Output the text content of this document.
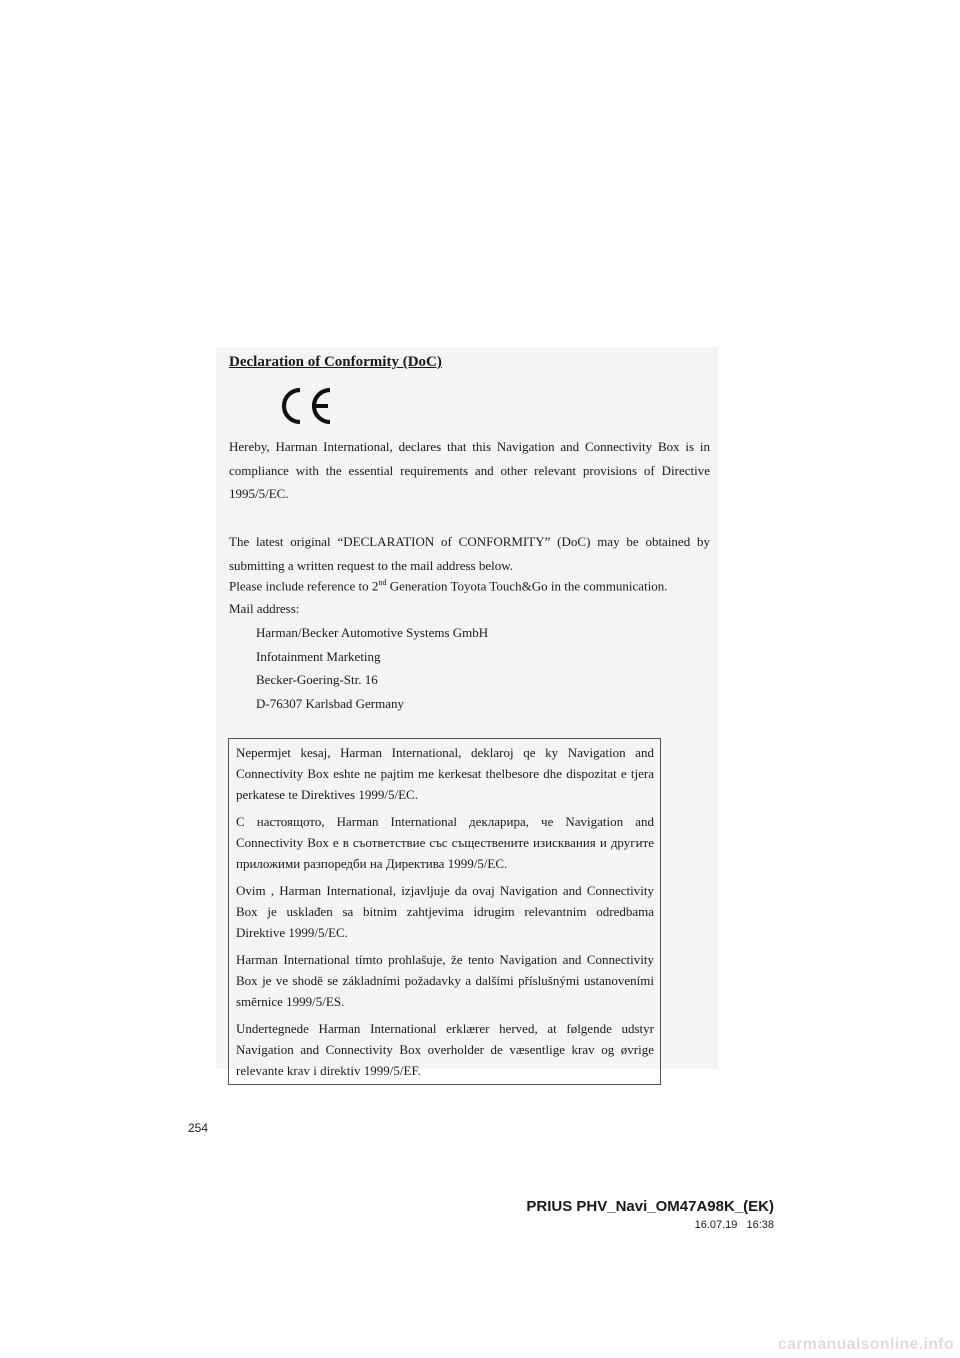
Declaration of Conformity (DoC)

Hereby, Harman International, declares that this Navigation and Connectivity Box is in compliance with the essential requirements and other relevant provisions of Directive 1995/5/EC.

The latest original “DECLARATION of CONFORMITY” (DoC) may be obtained by submitting a written request to the mail address below.

Please include reference to 2nd Generation Toyota Touch&Go in the communication.

Mail address:

Harman/Becker Automotive Systems GmbH

Infotainment Marketing

Becker-Goering-Str. 16

D-76307 Karlsbad Germany

Nepermjet kesaj, Harman International, deklaroj qe ky Navigation and Connectivity Box eshte ne pajtim me kerkesat thelbesore dhe dispozitat e tjera perkatese te Direktives 1999/5/EC.
С настоящото, Harman International декларира, че Navigation and Connectivity Box е в съответствие със съществените изисквания и другите приложими разпоредби на Директива 1999/5/EC.
Ovim , Harman International, izjavljuje da ovaj Navigation and Connectivity Box je usklađen sa bitnim zahtjevima idrugim relevantnim odredbama Direktive 1999/5/EC.
Harman International tímto prohlašuje, že tento Navigation and Connectivity Box je ve shodě se základními požadavky a dalšími příslušnými ustanoveními směrnice 1999/5/ES.
Undertegnede Harman International erklærer herved, at følgende udstyr Navigation and Connectivity Box overholder de væsentlige krav og øvrige relevante krav i direktiv 1999/5/EF.
254
PRIUS PHV_Navi_OM47A98K_(EK)
16.07.19 16:38
carmanualsonline.info
